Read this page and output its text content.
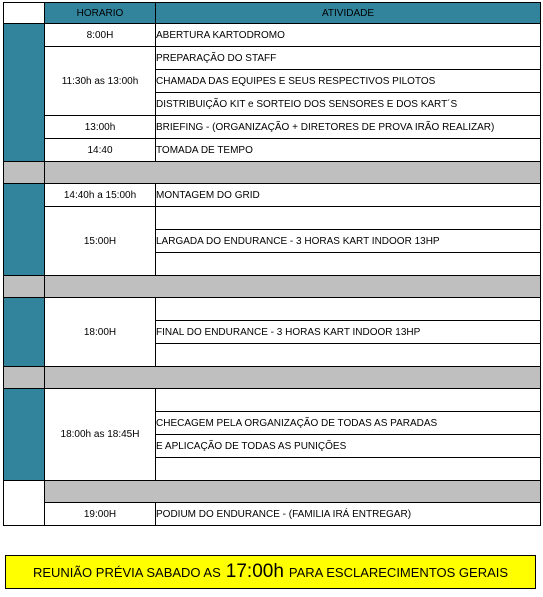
	HORARIO	ATIVIDADE
	8:00H	ABERTURA KARTODROMO
	11:30h as 13:00h	PREPARAÇÃO DO STAFF
		CHAMADA DAS EQUIPES E SEUS RESPECTIVOS PILOTOS
		DISTRIBUIÇÃO KIT e SORTEIO DOS SENSORES E DOS KART´S
	13:00h	BRIEFING - (ORGANIZAÇÃO + DIRETORES DE PROVA IRÃO REALIZAR)
	14:40	TOMADA DE TEMPO

	14:40h a 15:00h	MONTAGEM DO GRID
	15:00H	
		LARGADA DO ENDURANCE - 3 HORAS KART INDOOR 13HP

	18:00H	
		FINAL DO ENDURANCE - 3 HORAS KART INDOOR 13HP

	18:00h as 18:45H	
		CHECAGEM PELA ORGANIZAÇÃO DE TODAS AS PARADAS
		E APLICAÇÃO DE TODAS AS PUNIÇÕES

	19:00H	PODIUM DO ENDURANCE - (FAMILIA IRÁ ENTREGAR)
REUNIÃO PRÉVIA SABADO AS 17:00h PARA ESCLARECIMENTOS GERAIS
